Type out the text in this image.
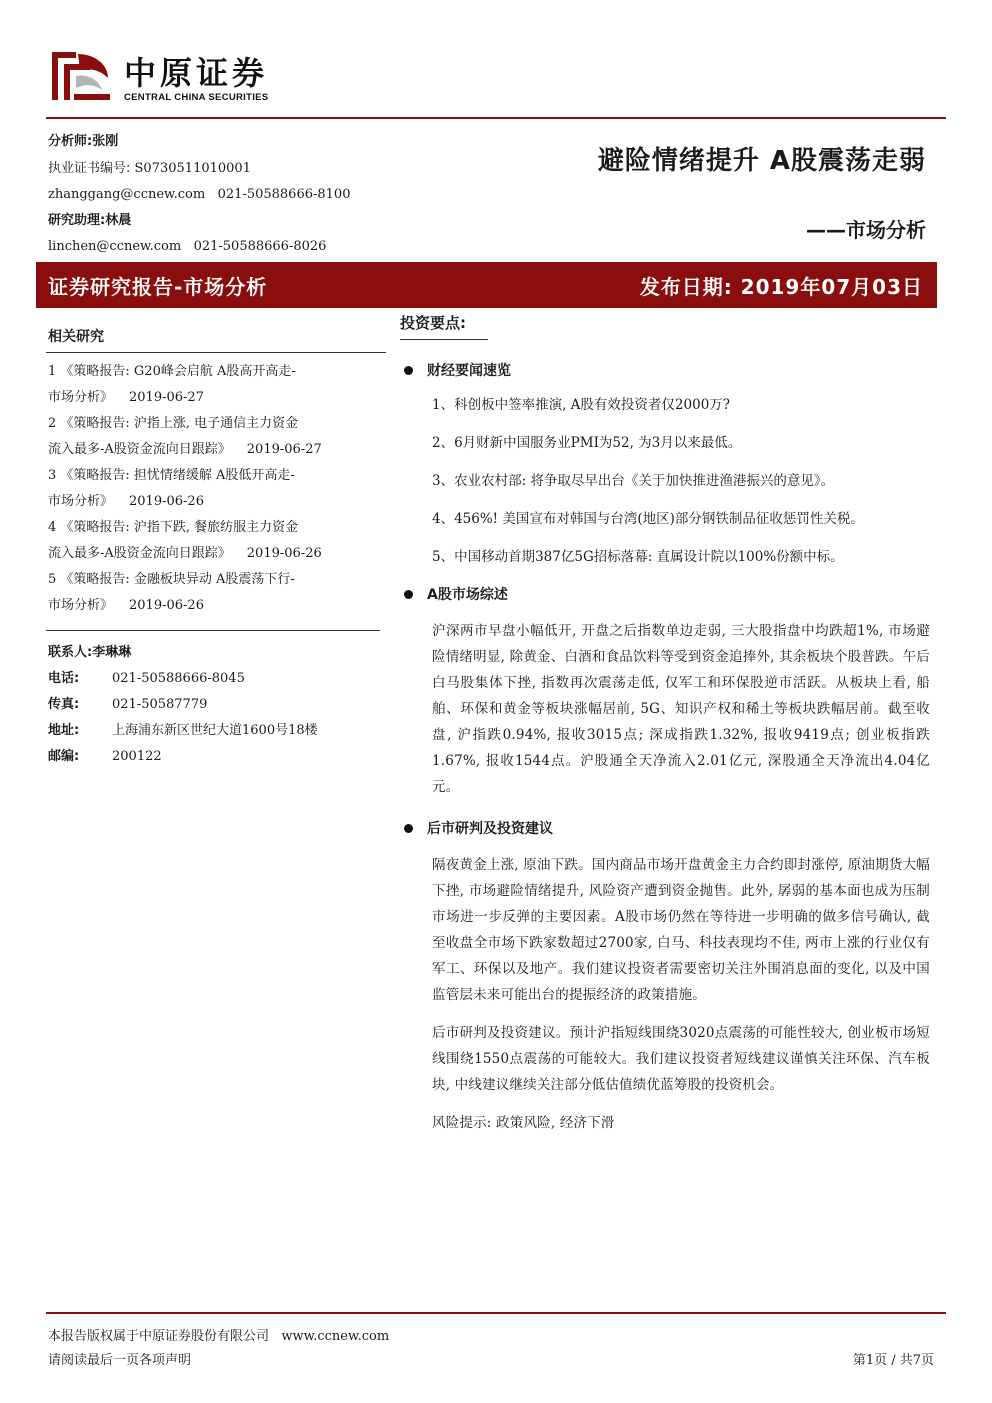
中原证券
CENTRAL CHINA SECURITIES
分析师:张刚
执业证书编号: S0730511010001
zhanggang@ccnew.com   021-50588666-8100
研究助理:林晨
linchen@ccnew.com   021-50588666-8026
避险情绪提升 A股震荡走弱
——市场分析
证券研究报告-市场分析	发布日期: 2019年07月03日
相关研究
1 《策略报告: G20峰会启航 A股高开高走-
市场分析》 2019-06-27
2 《策略报告: 沪指上涨, 电子通信主力资金
流入最多-A股资金流向日跟踪》 2019-06-27
3 《策略报告: 担忧情绪缓解 A股低开高走-
市场分析》 2019-06-26
4 《策略报告: 沪指下跌, 餐旅纺服主力资金
流入最多-A股资金流向日跟踪》 2019-06-26
5 《策略报告: 金融板块异动 A股震荡下行-
市场分析》 2019-06-26
联系人: 李琳琳
电话:	021-50588666-8045
传真:	021-50587779
地址:	上海浦东新区世纪大道1600号18楼
邮编:	200122
投资要点:
财经要闻速览
1、科创板中签率推演, A股有效投资者仅2000万?
2、6月财新中国服务业PMI为52, 为3月以来最低。
3、农业农村部: 将争取尽早出台《关于加快推进渔港振兴的意见》。
4、456%! 美国宣布对韩国与台湾(地区)部分钢铁制品征收惩罚性关税。
5、中国移动首期387亿5G招标落幕: 直属设计院以100%份额中标。
A股市场综述
沪深两市早盘小幅低开, 开盘之后指数单边走弱, 三大股指盘中均跌超1%, 市场避险情绪明显, 除黄金、白酒和食品饮料等受到资金追捧外, 其余板块个股普跌。午后白马股集体下挫, 指数再次震荡走低, 仅军工和环保股逆市活跃。从板块上看, 船舶、环保和黄金等板块涨幅居前, 5G、知识产权和稀土等板块跌幅居前。截至收盘, 沪指跌0.94%, 报收3015点; 深成指跌1.32%, 报收9419点; 创业板指跌1.67%, 报收1544点。沪股通全天净流入2.01亿元, 深股通全天净流出4.04亿元。
后市研判及投资建议
隔夜黄金上涨, 原油下跌。国内商品市场开盘黄金主力合约即封涨停, 原油期货大幅下挫, 市场避险情绪提升, 风险资产遭到资金抛售。此外, 孱弱的基本面也成为压制市场进一步反弹的主要因素。A股市场仍然在等待进一步明确的做多信号确认, 截至收盘全市场下跌家数超过2700家, 白马、科技表现均不佳, 两市上涨的行业仅有军工、环保以及地产。我们建议投资者需要密切关注外围消息面的变化, 以及中国监管层未来可能出台的提振经济的政策措施。
后市研判及投资建议。预计沪指短线围绕3020点震荡的可能性较大, 创业板市场短线围绕1550点震荡的可能较大。我们建议投资者短线建议谨慎关注环保、汽车板块, 中线建议继续关注部分低估值绩优蓝筹股的投资机会。
风险提示: 政策风险, 经济下滑
本报告版权属于中原证券股份有限公司   www.ccnew.com
请阅读最后一页各项声明	第1页 / 共7页
